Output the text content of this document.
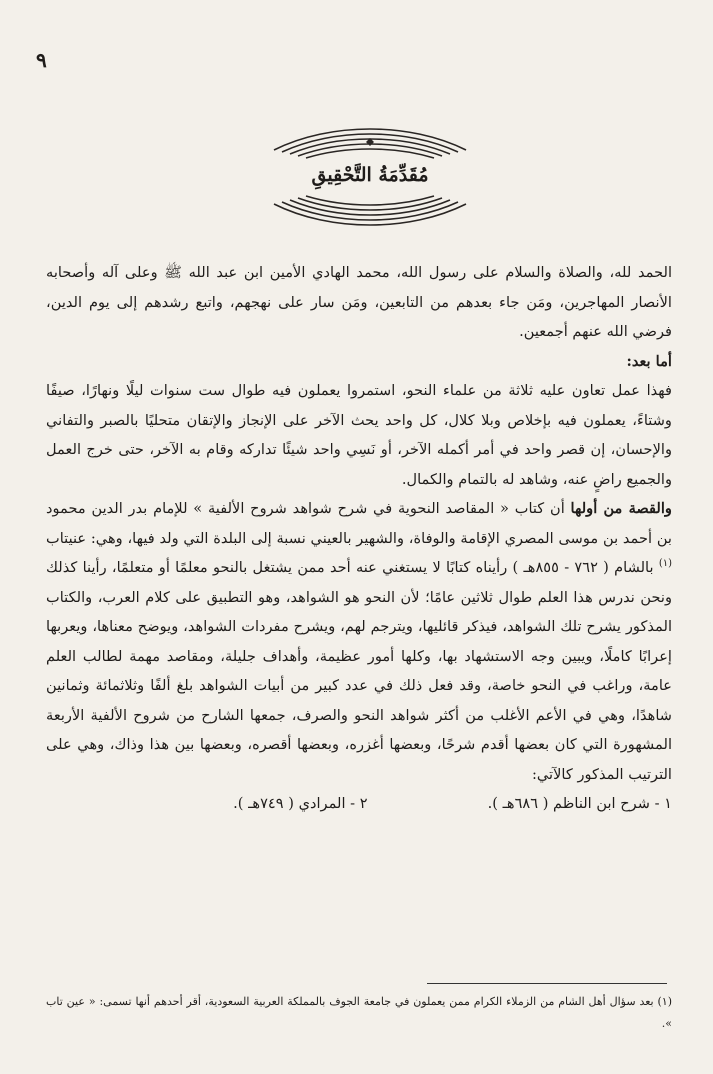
٩
مُقَدِّمَةُ التَّحْقِيقِ

الحمد لله، والصلاة والسلام على رسول الله، محمد الهادي الأمين ابن عبد الله ﷺ وعلى آله وأصحابه الأنصار المهاجرين، ومَن جاء بعدهم من التابعين، ومَن سار على نهجهم، واتبع رشدهم إلى يوم الدين، فرضي الله عنهم أجمعين.

أما بعد:

فهذا عمل تعاون عليه ثلاثة من علماء النحو، استمروا يعملون فيه طوال ست سنوات ليلًا ونهارًا، صيفًا وشتاءً، يعملون فيه بإخلاص وبلا كلال، كل واحد يحث الآخر على الإنجاز والإتقان متحليًا بالصبر والتفاني والإحسان، إن قصر واحد في أمر أكمله الآخر، أو نَسِي واحد شيئًا تداركه وقام به الآخر، حتى خرج العمل والجميع راضٍ عنه، وشاهد له بالتمام والكمال.

والقصة من أولها أن كتاب « المقاصد النحوية في شرح شواهد شروح الألفية » للإمام بدر الدين محمود بن أحمد بن موسى المصري الإقامة والوفاة، والشهير بالعيني نسبة إلى البلدة التي ولد فيها، وهي: عنيتاب $^{(١)}$ بالشام ( ٧٦٢ - ٨٥٥هـ ) رأيناه كتابًا لا يستغني عنه أحد ممن يشتغل بالنحو معلمًا أو متعلمًا، رأينا كذلك ونحن ندرس هذا العلم طوال ثلاثين عامًا؛ لأن النحو هو الشواهد، وهو التطبيق على كلام العرب، والكتاب المذكور يشرح تلك الشواهد، فيذكر قائليها، ويترجم لهم، ويشرح مفردات الشواهد، ويوضح معناها، ويعربها إعرابًا كاملًا، ويبين وجه الاستشهاد بها، وكلها أمور عظيمة، وأهداف جليلة، ومقاصد مهمة لطالب العلم عامة، وراغب في النحو خاصة، وقد فعل ذلك في عدد كبير من أبيات الشواهد بلغ ألفًا وثلاثمائة وثمانين شاهدًا، وهي في الأعم الأغلب من أكثر شواهد النحو والصرف، جمعها الشارح من شروح الألفية الأربعة المشهورة التي كان بعضها أقدم شرحًا، وبعضها أغزره، وبعضها أقصره، وبعضها بين هذا وذاك، وهي على الترتيب المذكور كالآتي:

١ - شرح ابن الناظم ( ٦٨٦هـ ).
٢ - المرادي ( ٧٤٩هـ ).

(١) بعد سؤال أهل الشام من الزملاء الكرام ممن يعملون في جامعة الجوف بالمملكة العربية السعودية، أقر أحدهم أنها تسمى: « عين تاب ».
